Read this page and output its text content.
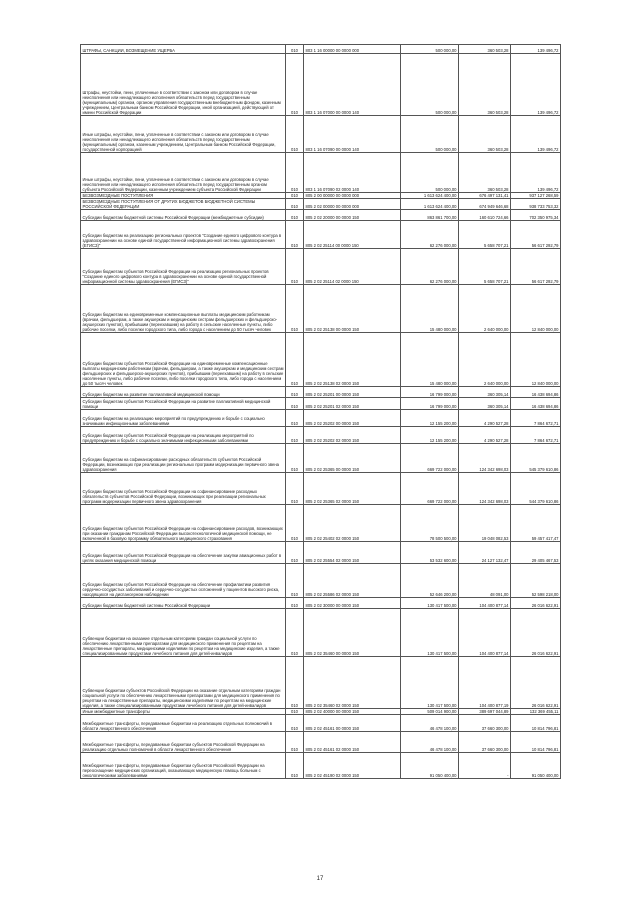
ШТРАФЫ, САНКЦИИ, ВОЗМЕЩЕНИЕ УЩЕРБА	010	803 1 16 00000 00 0000 000	500 000,00	360 503,28	139 496,72
Штрафы, неустойки, пени, уплаченные в соответствии с законом или договором в случае неисполнения или ненадлежащего исполнения обязательств перед государственным (муниципальным) органом, органом управления государственным внебюджетным фондом, казенным учреждением, Центральным банком Российской Федерации, иной организацией, действующей от имени Российской Федерации	010	803 1 16 07000 00 0000 140	500 000,00	360 503,28	139 496,72
Иные штрафы, неустойки, пени, уплаченные в соответствии с законом или договором в случае неисполнения или ненадлежащего исполнения обязательств перед государственным (муниципальным) органом, казенным учреждением, Центральным банком Российской Федерации, государственной корпорацией	010	803 1 16 07090 00 0000 140	500 000,00	360 503,28	139 496,72
Иные штрафы, неустойки, пени, уплаченные в соответствии с законом или договором в случае неисполнения или ненадлежащего исполнения обязательств перед государственным органом субъекта Российской Федерации, казенным учреждением субъекта Российской Федерации	010	803 1 16 07090 02 0000 140	500 000,00	360 503,28	139 496,72
БЕЗВОЗМЕЗДНЫЕ ПОСТУПЛЕНИЯ	010	805 2 00 00000 00 0000 000	1 613 624 400,00	676 497 131,41	937 127 268,59
БЕЗВОЗМЕЗДНЫЕ ПОСТУПЛЕНИЯ ОТ ДРУГИХ БЮДЖЕТОВ БЮДЖЕТНОЙ СИСТЕМЫ РОССИЙСКОЙ ФЕДЕРАЦИИ	010	805 2 02 00000 00 0000 000	1 613 624 400,00	674 949 646,68	938 733 753,32
Субсидии бюджетам бюджетной системы Российской Федерации (межбюджетные субсидии)	010	805 2 02 20000 00 0000 150	863 861 700,00	160 610 724,66	702 350 975,34
Субсидии бюджетам на реализацию региональных проектов "Создание единого цифрового контура в здравоохранении на основе единой государственной информационной системы здравоохранения (ЕГИСЗ)"	010	805 2 02 25114 00 0000 150	62 276 000,00	5 658 707,21	56 617 292,79
Субсидии бюджетам субъектов Российской Федерации на реализацию региональных проектов "Создание единого цифрового контура в здравоохранении на основе единой государственной информационной системы здравоохранения (ЕГИСЗ)"	010	805 2 02 25114 02 0000 150	62 276 000,00	5 658 707,21	56 617 292,79
Субсидии бюджетам на единовременные компенсационные выплаты медицинским работникам (врачам, фельдшерам, а также акушеркам и медицинским сестрам фельдшерских и фельдшерско-акушерских пунктов), прибывшим (переехавшим) на работу в сельские населенные пункты, либо рабочие поселки, либо поселки городского типа, либо города с населением до 50 тысяч человек	010	805 2 02 25138 00 0000 150	15 480 000,00	2 640 000,00	12 840 000,00
Субсидии бюджетам субъектов Российской Федерации на единовременные компенсационные выплаты медицинским работникам (врачам, фельдшерам, а также акушеркам и медицинским сестрам фельдшерских и фельдшерско-акушерских пунктов), прибывшим (переехавшим) на работу в сельские населенные пункты, либо рабочие поселки, либо поселки городского типа, либо города с населением до 50 тысяч человек	010	805 2 02 25138 02 0000 150	15 480 000,00	2 640 000,00	12 840 000,00
Субсидии бюджетам на развитие паллиативной медицинской помощи	010	805 2 02 25201 00 0000 150	16 799 000,00	360 305,14	16 438 694,86
Субсидии бюджетам субъектов Российской Федерации на развитие паллиативной медицинской помощи	010	805 2 02 25201 02 0000 150	16 799 000,00	360 305,14	16 438 694,86
Субсидии бюджетам на реализацию мероприятий по предупреждению и борьбе с социально значимыми инфекционными заболеваниями	010	805 2 02 25202 00 0000 150	12 155 200,00	4 290 527,28	7 864 672,71
Субсидии бюджетам субъектов Российской Федерации на реализацию мероприятий по предупреждению и борьбе с социально значимыми инфекционными заболеваниями	010	805 2 02 25202 02 0000 150	12 155 200,00	4 290 527,28	7 864 672,71
Субсидии бюджетам на софинансирование расходных обязательств субъектов Российской Федерации, возникающих при реализации региональных программ модернизации первичного звена здравоохранения	010	805 2 02 25365 00 0000 150	669 722 000,00	124 342 698,03	545 379 610,86
Субсидии бюджетам субъектов Российской Федерации на софинансирование расходных обязательств субъектов Российской Федерации, возникающих при реализации региональных программ модернизации первичного звена здравоохранения	010	805 2 02 25365 02 0000 150	669 722 000,00	124 342 698,03	544 379 610,86
Субсидии бюджетам субъектов Российской Федерации на софинансирование расходов, возникающих при оказании гражданам Российской Федерации высокотехнологичной медицинской помощи, не включенной в базовую программу обязательного медицинского страхования	010	805 2 02 25402 02 0000 150	78 500 500,00	19 048 082,53	59 457 417,47
Субсидии бюджетам субъектов Российской Федерации на обеспечение закупки авиационных работ в целях оказания медицинской помощи	010	805 2 02 25554 02 0000 150	53 532 600,00	24 127 132,47	29 405 467,53
Субсидии бюджетам субъектов Российской Федерации на обеспечение профилактики развития сердечно-сосудистых заболеваний и сердечно-сосудистых осложнений у пациентов высокого риска, находящихся на диспансерном наблюдении	010	805 2 02 25586 02 0000 150	52 646 200,00	48 091,00	52 598 218,00
Субсидии бюджетам бюджетной системы Российской Федерации	010	805 2 02 30000 00 0000 150	130 417 500,00	104 400 877,14	26 016 622,91
Субвенции бюджетам на оказание отдельным категориям граждан социальной услуги по обеспечению лекарственными препаратами для медицинского применения по рецептам на лекарственные препараты, медицинскими изделиями по рецептам на медицинские изделия, а также специализированными продуктами лечебного питания для детей-инвалидов	010	805 2 02 35460 00 0000 150	130 417 500,00	104 400 877,14	26 016 622,91
Субвенции бюджетам субъектов Российской Федерации на оказание отдельным категориям граждан социальной услуги по обеспечению лекарственными препаратами для медицинского применения по рецептам на лекарственные препараты, медицинскими изделиями по рецептам на медицинские изделия, а также специализированными продуктами лечебного питания для детей-инвалидов	010	805 2 02 35460 02 0000 150	130 417 500,00	104 400 877,19	26 016 622,91
Иные межбюджетные трансферты	010	805 2 02 40000 00 0000 150	509 014 900,00	389 697 044,89	132 369 455,11
Межбюджетные трансферты, передаваемые бюджетам на реализацию отдельных полномочий в области лекарственного обеспечения	010	805 2 02 45161 00 0000 150	46 478 100,00	37 660 300,00	10 814 796,81
Межбюджетные трансферты, передаваемые бюджетам субъектов Российской Федерации на реализацию отдельных полномочий в области лекарственного обеспечения	010	805 2 02 45161 02 0000 150	46 478 100,00	37 660 300,00	10 814 796,81
Межбюджетные трансферты, передаваемые бюджетам субъектов Российской Федерации на переоснащение медицинских организаций, оказывающих медицинскую помощь больным с онкологическими заболеваниями	010	805 2 02 45190 02 0000 150	91 050 400,00	-	91 050 400,00
17
